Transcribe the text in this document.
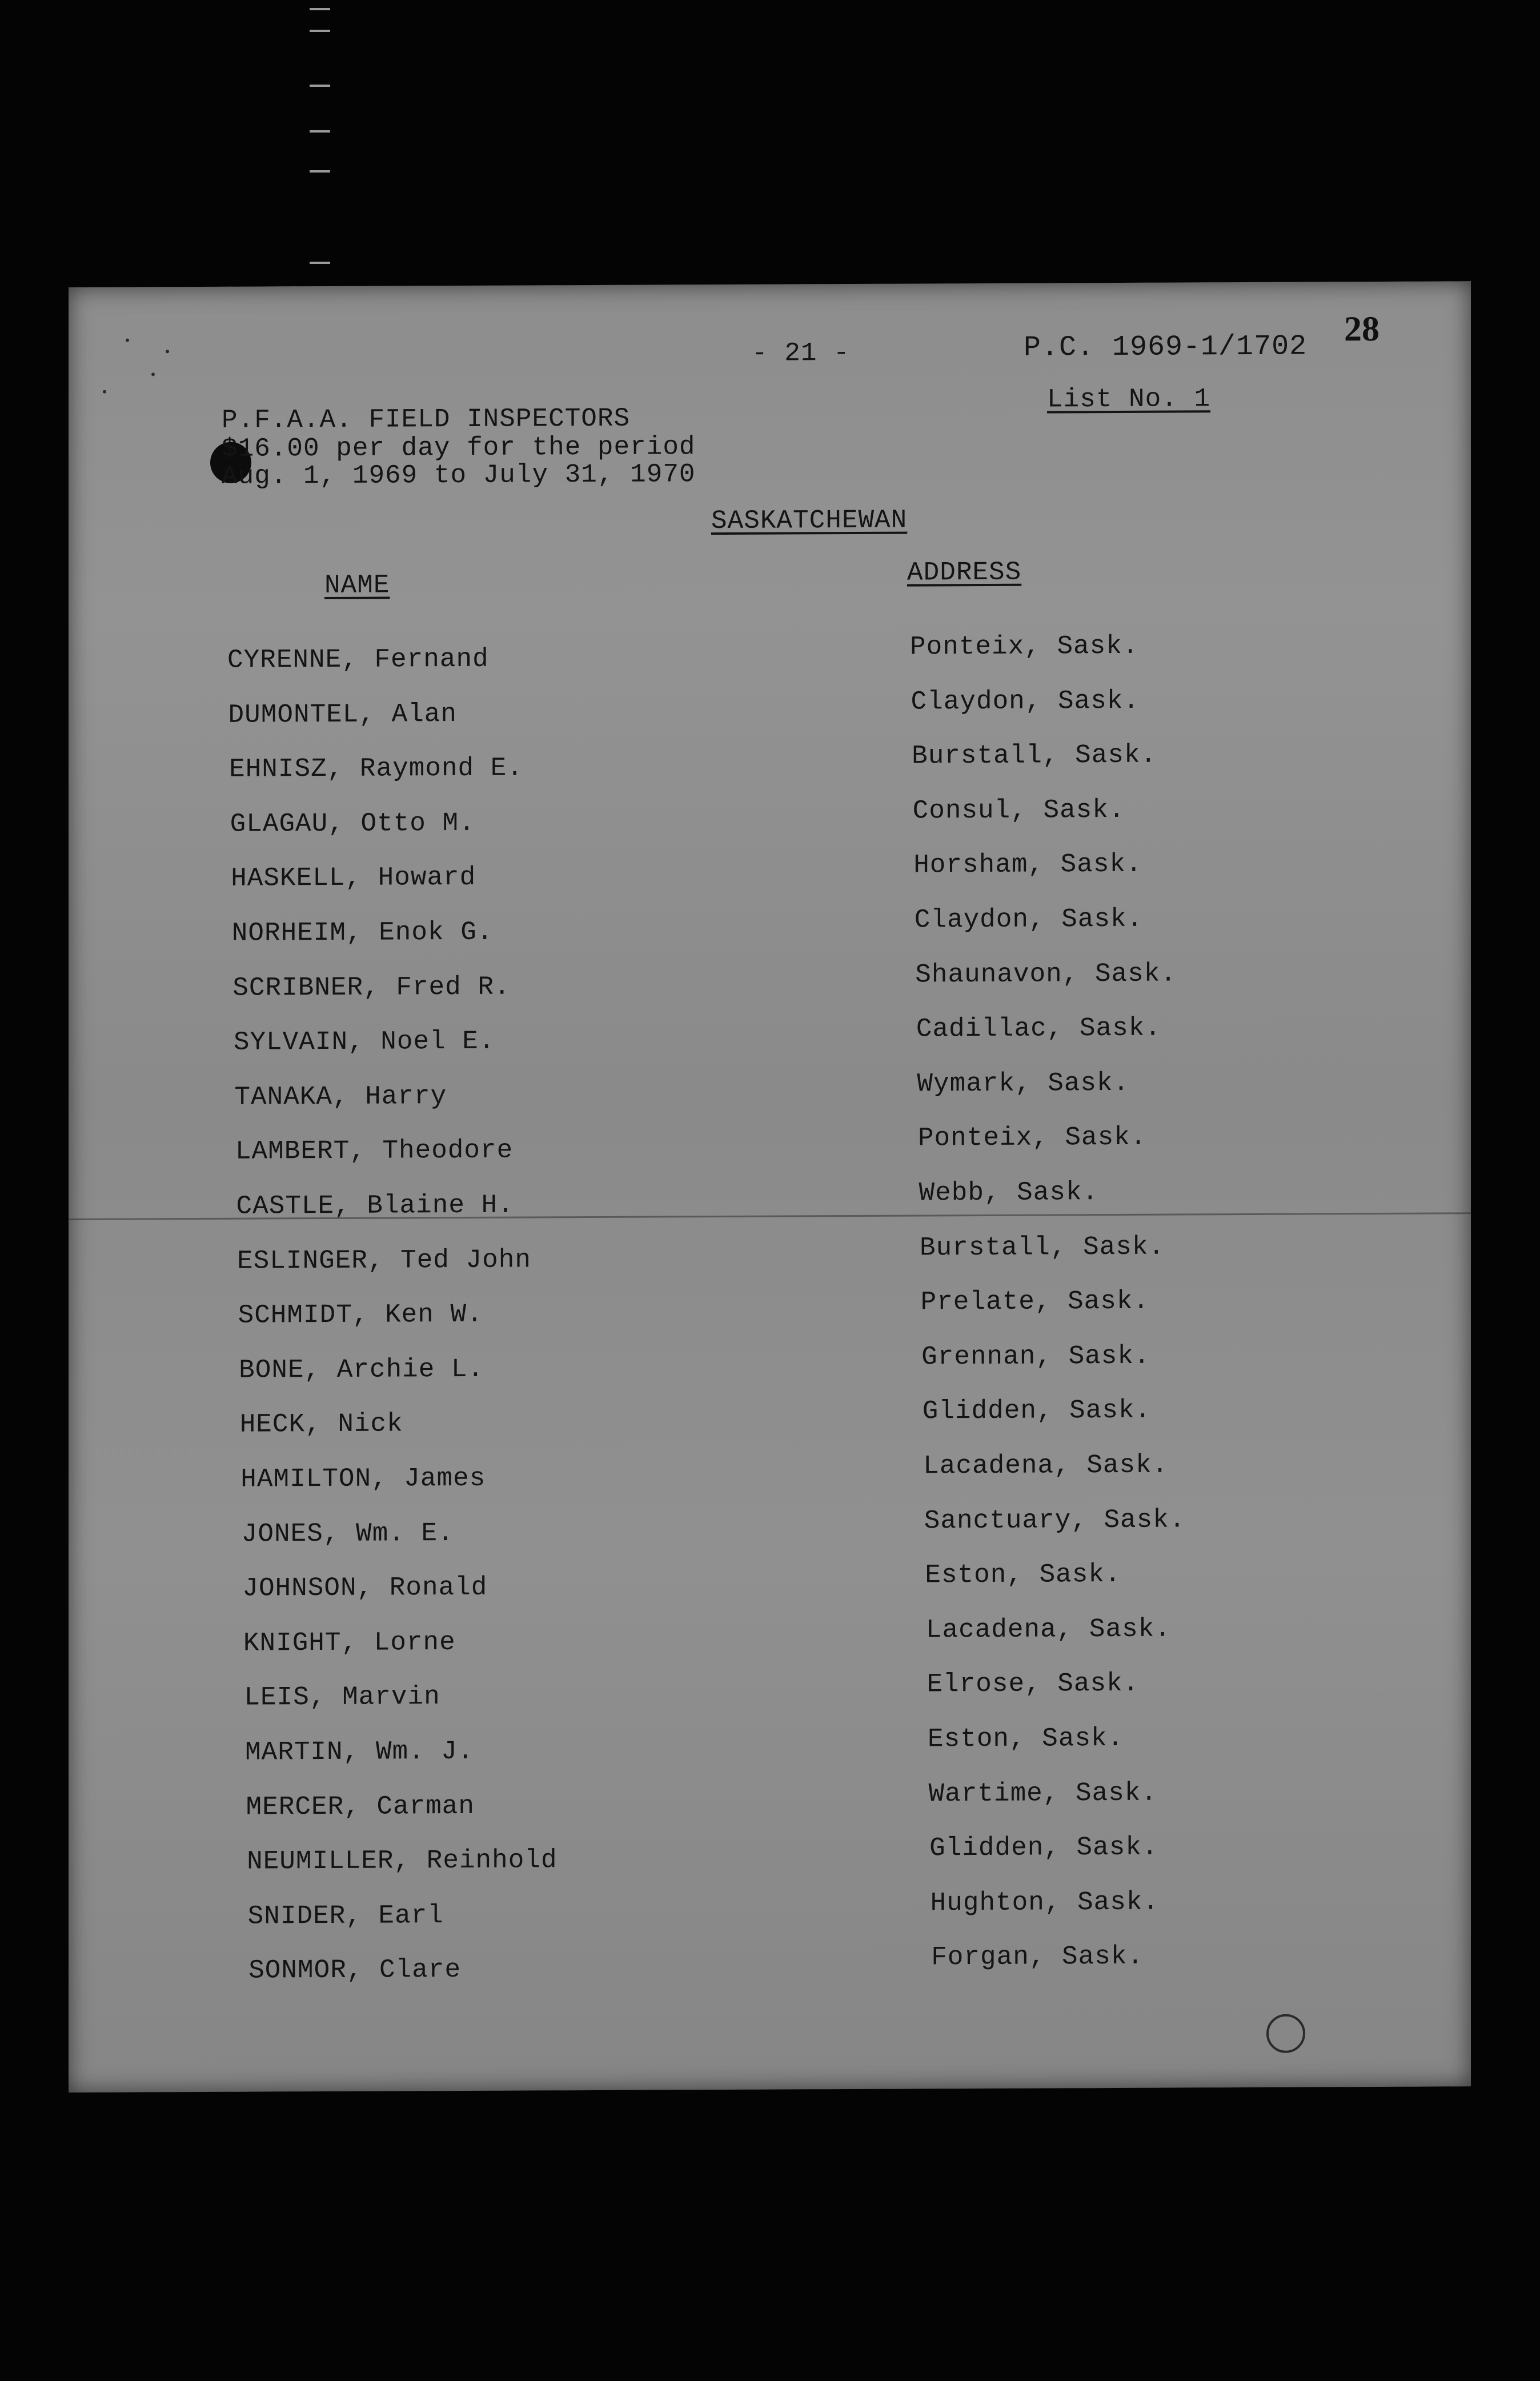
- 21 -	P.C. 1969-1/1702 28
List No. 1
P.F.A.A. FIELD INSPECTORS
$16.00 per day for the period
Aug. 1, 1969 to July 31, 1970
SASKATCHEWAN
NAME	ADDRESS
CYRENNE, Fernand	Ponteix, Sask.
DUMONTEL, Alan	Claydon, Sask.
EHNISZ, Raymond E.	Burstall, Sask.
GLAGAU, Otto M.	Consul, Sask.
HASKELL, Howard	Horsham, Sask.
NORHEIM, Enok G.	Claydon, Sask.
SCRIBNER, Fred R.	Shaunavon, Sask.
SYLVAIN, Noel E.	Cadillac, Sask.
TANAKA, Harry	Wymark, Sask.
LAMBERT, Theodore	Ponteix, Sask.
CASTLE, Blaine H.	Webb, Sask.
ESLINGER, Ted John	Burstall, Sask.
SCHMIDT, Ken W.	Prelate, Sask.
BONE, Archie L.	Grennan, Sask.
HECK, Nick	Glidden, Sask.
HAMILTON, James	Lacadena, Sask.
JONES, Wm. E.	Sanctuary, Sask.
JOHNSON, Ronald	Eston, Sask.
KNIGHT, Lorne	Lacadena, Sask.
LEIS, Marvin	Elrose, Sask.
MARTIN, Wm. J.	Eston, Sask.
MERCER, Carman	Wartime, Sask.
NEUMILLER, Reinhold	Glidden, Sask.
SNIDER, Earl	Hughton, Sask.
SONMOR, Clare	Forgan, Sask.
